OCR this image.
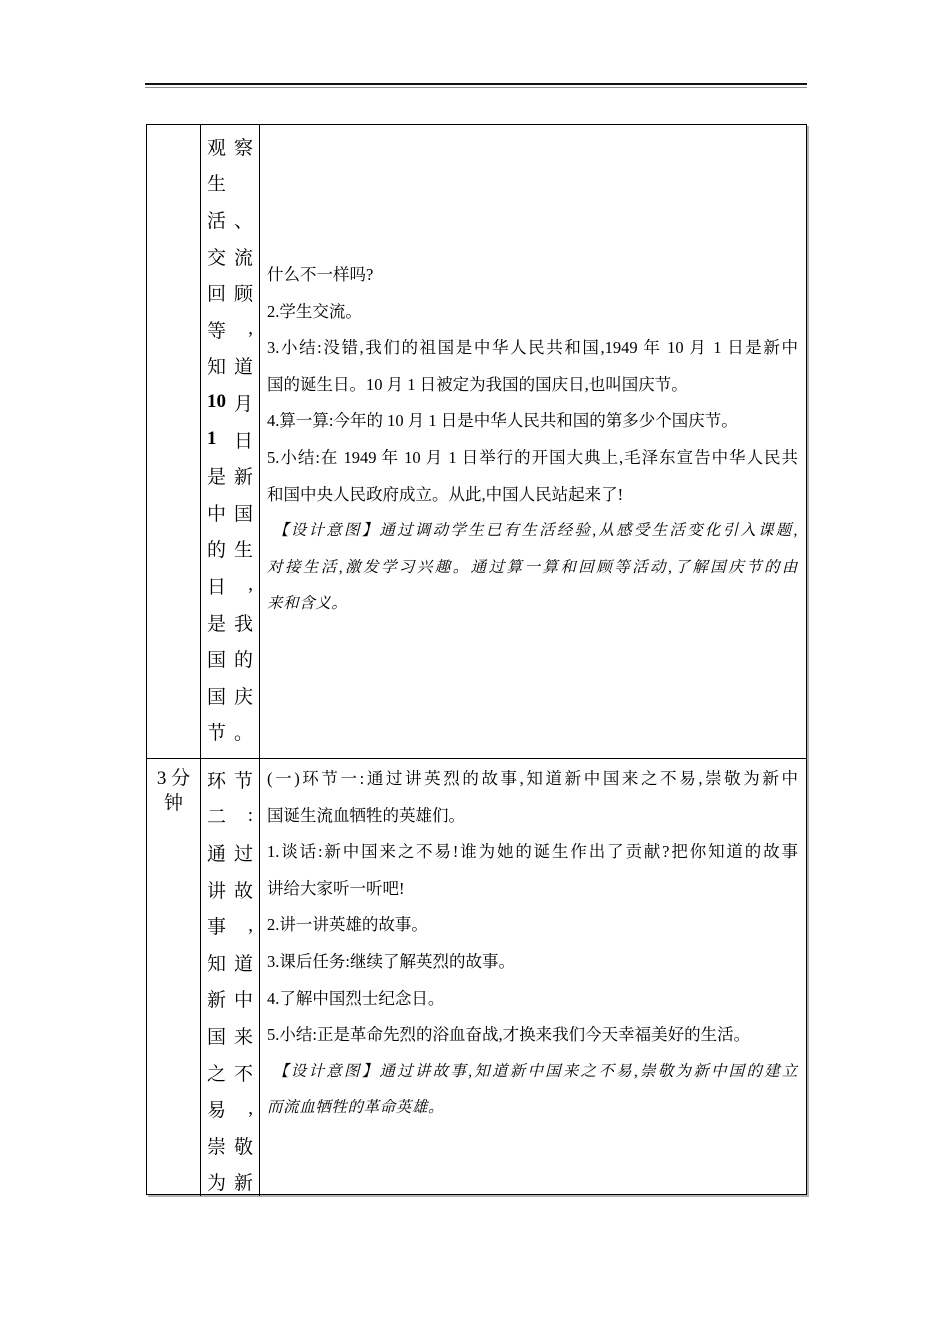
观 察
生
活 、
交 流
回 顾
等 ,
知 道
10 月
1 日
是 新
中 国
的 生
日 ,
是 我
国 的
国 庆
节 。
什么不一样吗?
2.学生交流。
3.小结:没错,我们的祖国是中华人民共和国,1949 年 10 月 1 日是新中
国的诞生日。10 月 1 日被定为我国的国庆日,也叫国庆节。
4.算一算:今年的 10 月 1 日是中华人民共和国的第多少个国庆节。
5.小结:在 1949 年 10 月 1 日举行的开国大典上,毛泽东宣告中华人民共
和国中央人民政府成立。从此,中国人民站起来了!
【设计意图】通过调动学生已有生活经验,从感受生活变化引入课题,
对接生活,激发学习兴趣。通过算一算和回顾等活动,了解国庆节的由
来和含义。
3 分
钟
环 节
二 :
通 过
讲 故
事 ,
知 道
新 中
国 来
之 不
易 ,
崇 敬
为 新
(一)环节一:通过讲英烈的故事,知道新中国来之不易,崇敬为新中
国诞生流血牺牲的英雄们。
1.谈话:新中国来之不易!谁为她的诞生作出了贡献?把你知道的故事
讲给大家听一听吧!
2.讲一讲英雄的故事。
3.课后任务:继续了解英烈的故事。
4.了解中国烈士纪念日。
5.小结:正是革命先烈的浴血奋战,才换来我们今天幸福美好的生活。
【设计意图】通过讲故事,知道新中国来之不易,崇敬为新中国的建立
而流血牺牲的革命英雄。
